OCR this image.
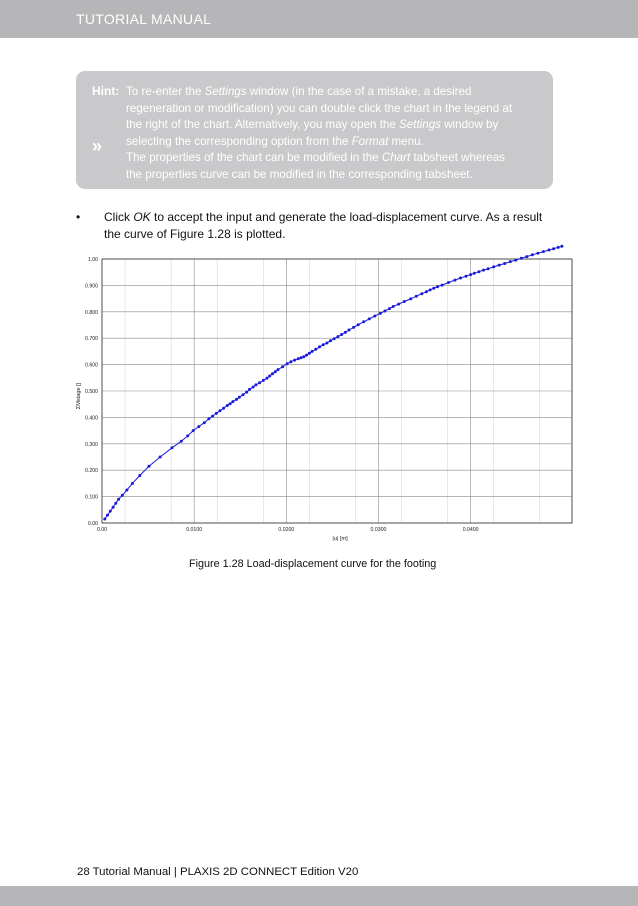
TUTORIAL MANUAL
Hint:
»
To re-enter the Settings window (in the case of a mistake, a desired
regeneration or modification) you can double click the chart in the legend at
the right of the chart. Alternatively, you may open the Settings window by
selecting the corresponding option from the Format menu.
The properties of the chart can be modified in the Chart tabsheet whereas
the properties curve can be modified in the corresponding tabsheet.
• Click OK to accept the input and generate the load-displacement curve. As a result
the curve of Figure 1.28 is plotted.
0.00	0.0100	0.0200	0.0300	0.0400
0.00
0.100
0.200
0.300
0.400
0.500
0.600
0.700
0.800
0.900
1.00
|u| [m]
ΣMstage []
Figure 1.28 Load-displacement curve for the footing
28 Tutorial Manual | PLAXIS 2D CONNECT Edition V20
